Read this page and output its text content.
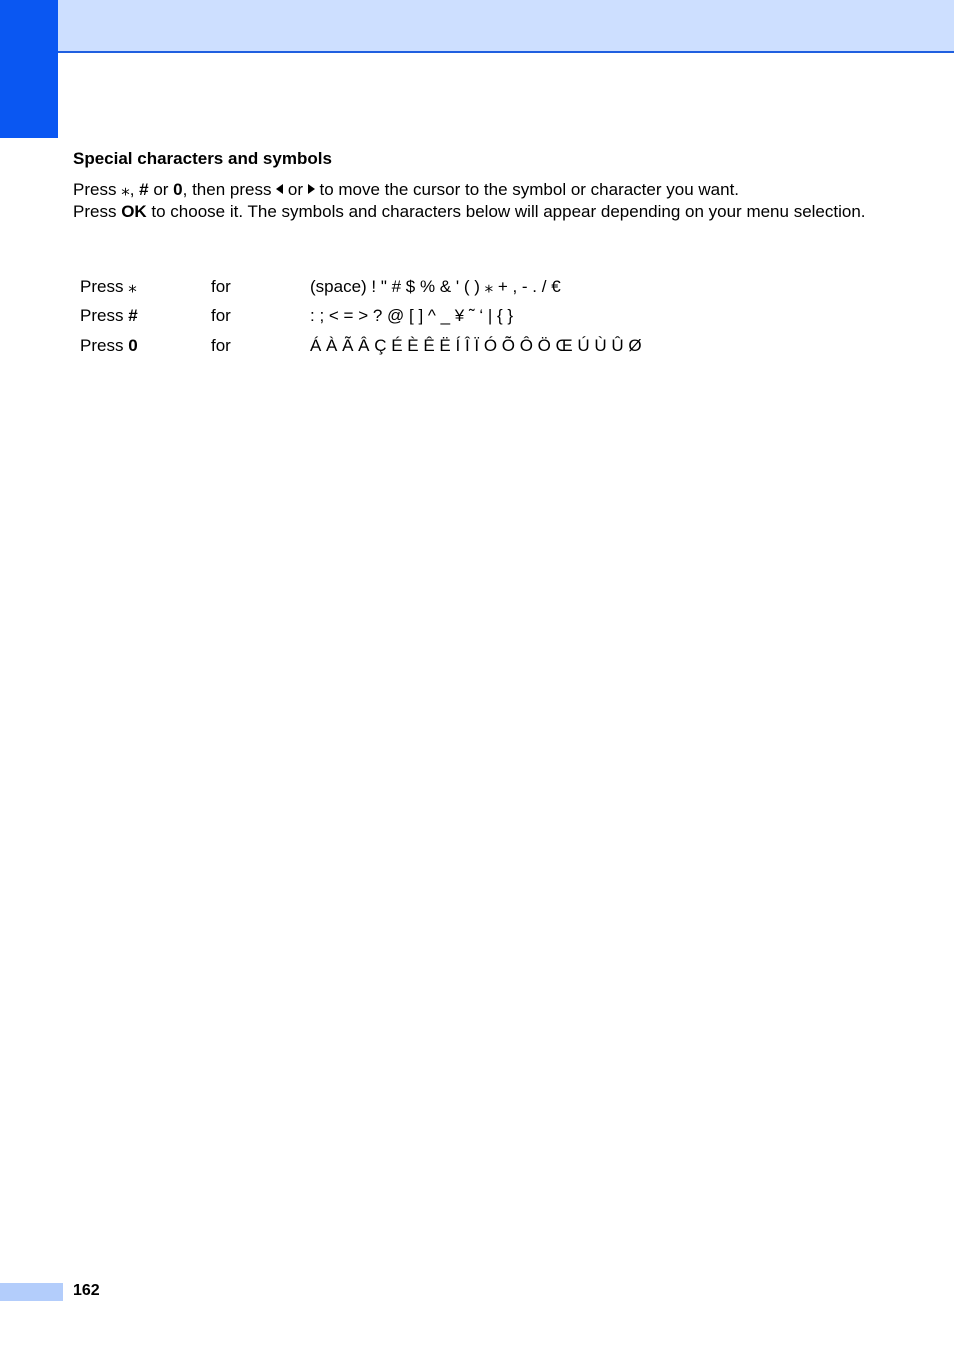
Special characters and symbols

Press ⁎, # or 0, then press  or  to move the cursor to the symbol or character you want.

Press OK to choose it. The symbols and characters below will appear depending on your menu selection.

Press ⁎	for	(space) ! " # $ % & ' ( ) ⁎ + , - . / €
Press #	for	: ; < = > ? @ [ ] ^ _ ¥ ˜ ‘ | { }
Press 0	for	Á À Ã Â Ç É È Ê Ë Í Î Ï Ó Õ Ô Ö Œ Ú Ù Û Ø
162
